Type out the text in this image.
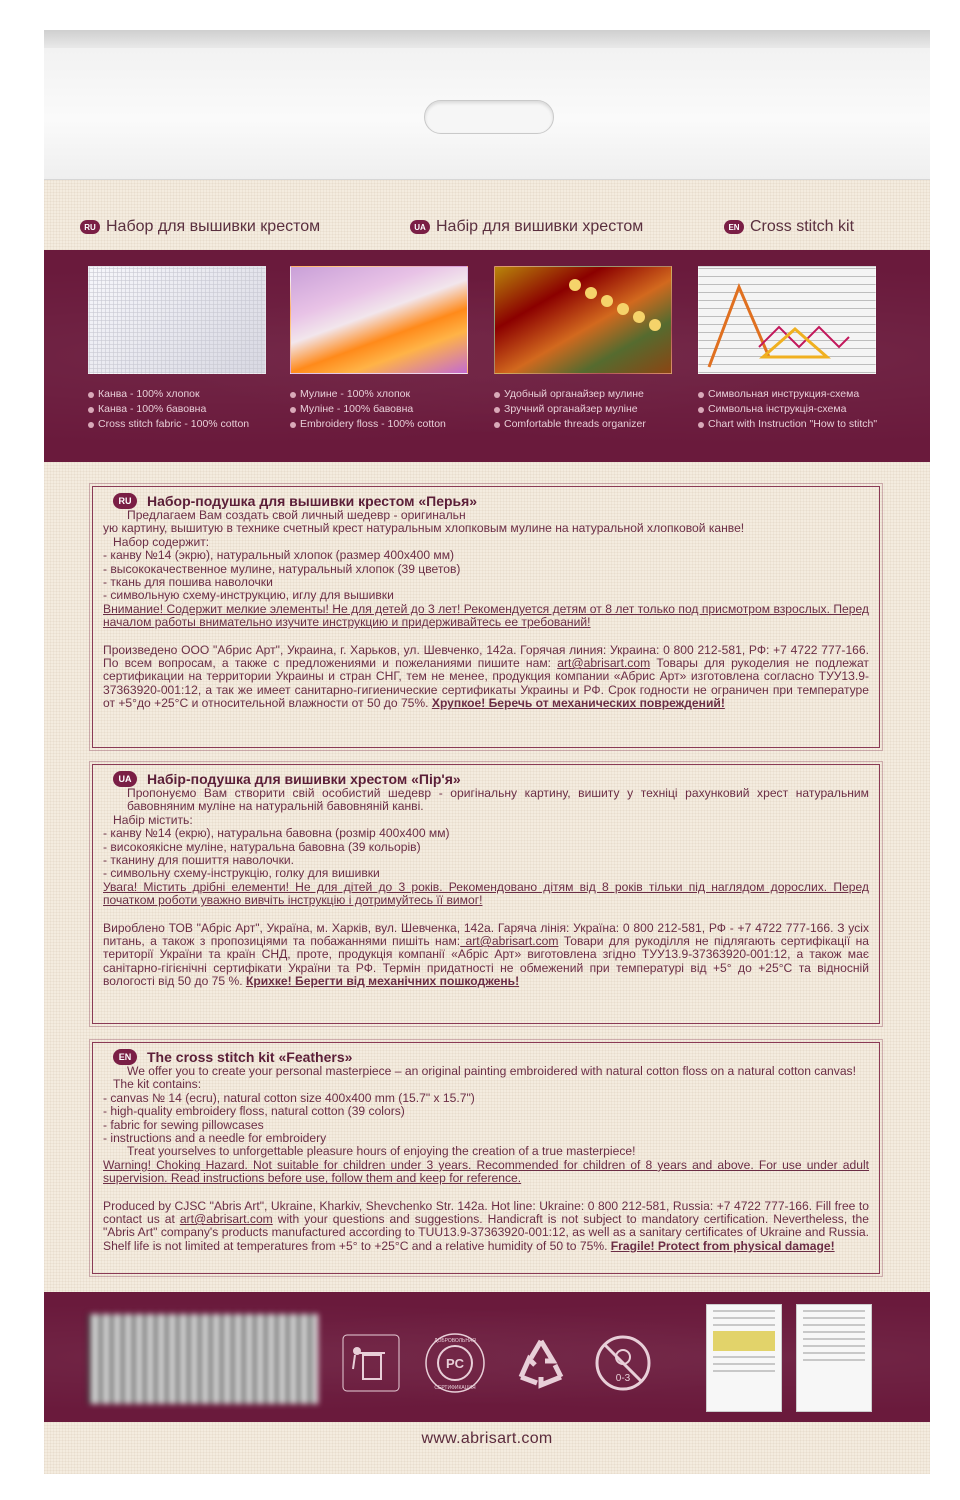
RU Набор для вышивки крестом	UA Набір для вишивки хрестом	EN Cross stitch kit
Канва - 100% хлопок
Канва - 100% бавовна
Cross stitch fabric - 100% cotton
Мулине - 100% хлопок
Муліне - 100% бавовна
Embroidery floss - 100% cotton
Удобный органайзер мулине
Зручний органайзер муліне
Comfortable threads organizer
Символьная инструкция-схема
Символьна інструкція-схема
Chart with Instruction "How to stitch"
RU	Набор-подушка для вышивки крестом «Перья»
Предлагаем Вам создать свой личный шедевр - оригинальн
ую картину, вышитую в технике счетный крест натуральным хлопковым мулине на натуральной хлопковой канве!
Набор содержит:
- канву №14 (экрю), натуральный хлопок (размер 400х400 мм)
- высококачественное мулине, натуральный хлопок (39 цветов)
- ткань для пошива наволочки
- символьную схему-инструкцию, иглу для вышивки
Внимание! Содержит мелкие элементы! Не для детей до 3 лет! Рекомендуется детям от 8 лет только под присмотром взрослых. Перед началом работы внимательно изучите инструкцию и придерживайтесь ее требований!
Произведено ООО "Абрис Арт", Украина, г. Харьков, ул. Шевченко, 142а. Горячая линия: Украина: 0 800 212-581, РФ: +7 4722 777-166. По всем вопросам, а также с предложениями и пожеланиями пишите нам: art@abrisart.com Товары для рукоделия не подлежат сертификации на территории Украины и стран СНГ, тем не менее, продукция компании «Абрис Арт» изготовлена согласно ТУУ13.9-37363920-001:12, а так же имеет санитарно-гигиенические сертификаты Украины и РФ. Срок годности не ограничен при температуре от +5°до +25°С и относительной влажности от 50 до 75%. Хрупкое! Беречь от механических повреждений!
UA	Набір-подушка для вишивки хрестом «Пір'я»
Пропонуємо Вам створити свій особистий шедевр - оригінальну картину, вишиту у техніці рахунковий хрест натуральним бавовняним муліне на натуральній бавовняній канві.
Набір містить:
- канву №14 (екрю), натуральна бавовна (розмір 400х400 мм)
- високоякісне муліне, натуральна бавовна (39 кольорів)
- тканину для пошиття наволочки.
- символьну схему-інструкцію, голку для вишивки
Увага! Містить дрібні елементи! Не для дітей до 3 років. Рекомендовано дітям від 8 років тільки під наглядом дорослих. Перед початком роботи уважно вивчіть інструкцію і дотримуйтесь її вимог!
Вироблено ТОВ "Абріс Арт", Україна, м. Харків, вул. Шевченка, 142а. Гаряча лінія: Україна: 0 800 212-581, РФ - +7 4722 777-166. З усіх питань, а також з пропозиціями та побажаннями пишіть нам: art@abrisart.com Товари для рукоділля не підлягають сертифікації на території України та країн СНД, проте, продукція компанії «Абріс Арт» виготовлена згідно ТУУ13.9-37363920-001:12, а також має санітарно-гігієнічні сертифікати України та РФ. Термін придатності не обмежений при температурі від +5° до +25°С та відносній вологості від 50 до 75 %. Крихке! Берегти від механічних пошкоджень!
EN	The cross stitch kit «Feathers»
We offer you to create your personal masterpiece – an original painting embroidered with natural cotton floss on a natural cotton canvas!
The kit contains:
- canvas № 14 (ecru), natural cotton size 400x400 mm (15.7" x 15.7")
- high-quality embroidery floss, natural cotton (39 colors)
- fabric for sewing pillowcases
- instructions and a needle for embroidery
Treat yourselves to unforgettable pleasure hours of enjoying the creation of a true masterpiece!
Warning! Choking Hazard. Not suitable for children under 3 years. Recommended for children of 8 years and above. For use under adult supervision. Read instructions before use, follow them and keep for reference.
Produced by CJSC "Abris Art", Ukraine, Kharkiv, Shevchenko Str. 142a. Hot line: Ukraine: 0 800 212-581, Russia: +7 4722 777-166. Fill free to contact us at art@abrisart.com with your questions and suggestions. Handicraft is not subject to mandatory certification. Nevertheless, the "Abris Art" company's products manufactured according to TUU13.9-37363920-001:12, as well as a sanitary certificates of Ukraine and Russia. Shelf life is not limited at temperatures from +5° to +25°C and a relative humidity of 50 to 75%. Fragile! Protect from physical damage!
PC
ДОБРОВОЛЬНАЯ
СЕРТИФИКАЦИЯ
0-3
www.abrisart.com
